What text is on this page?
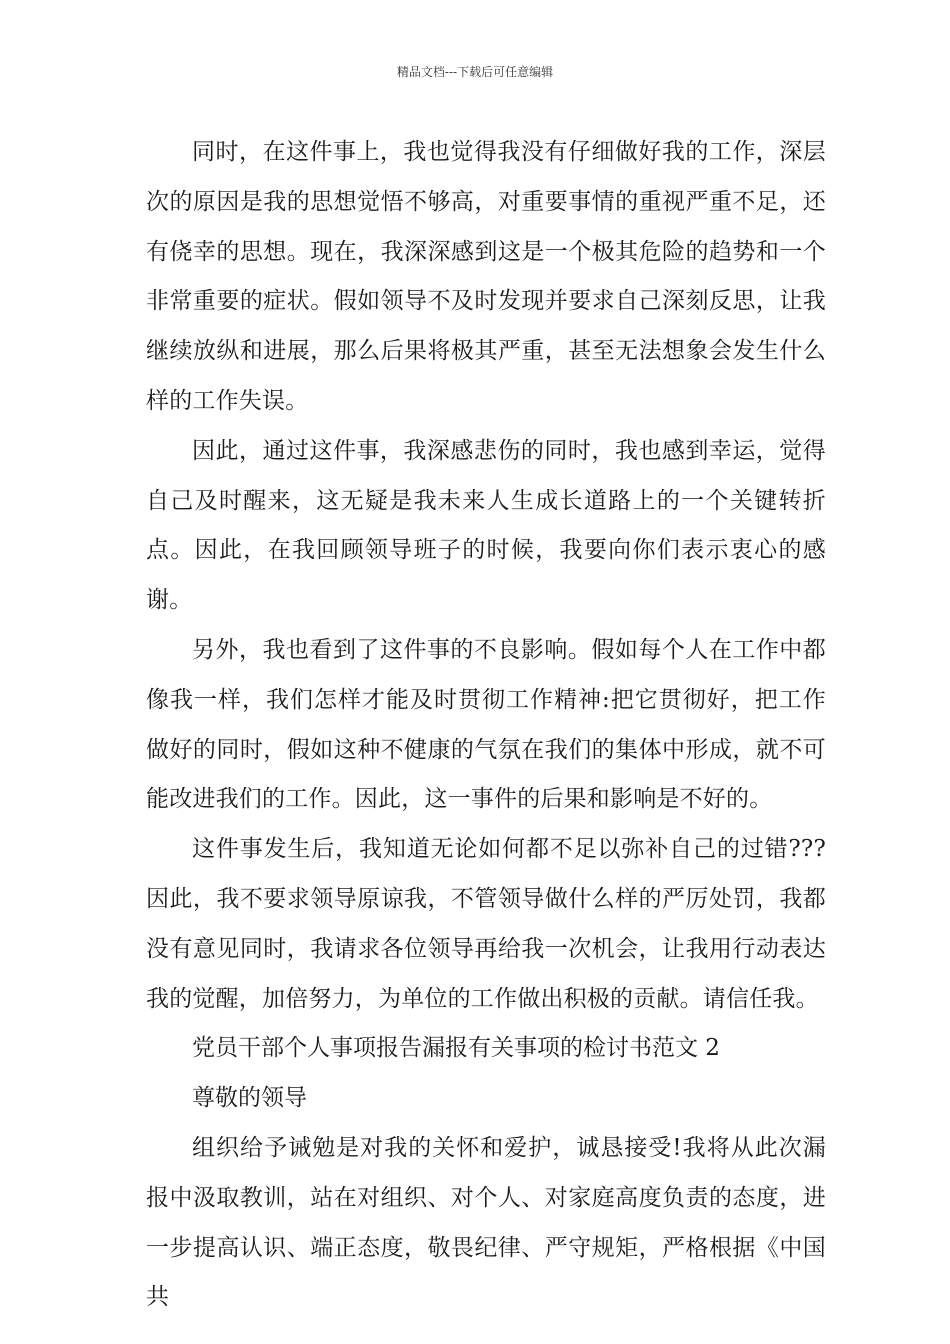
精品文档---下载后可任意编辑

同时，在这件事上，我也觉得我没有仔细做好我的工作，深层次的原因是我的思想觉悟不够高，对重要事情的重视严重不足，还有侥幸的思想。现在，我深深感到这是一个极其危险的趋势和一个非常重要的症状。假如领导不及时发现并要求自己深刻反思，让我继续放纵和进展，那么后果将极其严重，甚至无法想象会发生什么样的工作失误。

因此，通过这件事，我深感悲伤的同时，我也感到幸运，觉得自己及时醒来，这无疑是我未来人生成长道路上的一个关键转折点。因此，在我回顾领导班子的时候，我要向你们表示衷心的感谢。

另外，我也看到了这件事的不良影响。假如每个人在工作中都像我一样，我们怎样才能及时贯彻工作精神:把它贯彻好，把工作做好的同时，假如这种不健康的气氛在我们的集体中形成，就不可能改进我们的工作。因此，这一事件的后果和影响是不好的。

这件事发生后，我知道无论如何都不足以弥补自己的过错???因此，我不要求领导原谅我，不管领导做什么样的严厉处罚，我都没有意见同时，我请求各位领导再给我一次机会，让我用行动表达我的觉醒，加倍努力，为单位的工作做出积极的贡献。请信任我。

党员干部个人事项报告漏报有关事项的检讨书范文 2

尊敬的领导

组织给予诫勉是对我的关怀和爱护，诚恳接受!我将从此次漏报中汲取教训，站在对组织、对个人、对家庭高度负责的态度，进一步提高认识、端正态度，敬畏纪律、严守规矩，严格根据《中国共
